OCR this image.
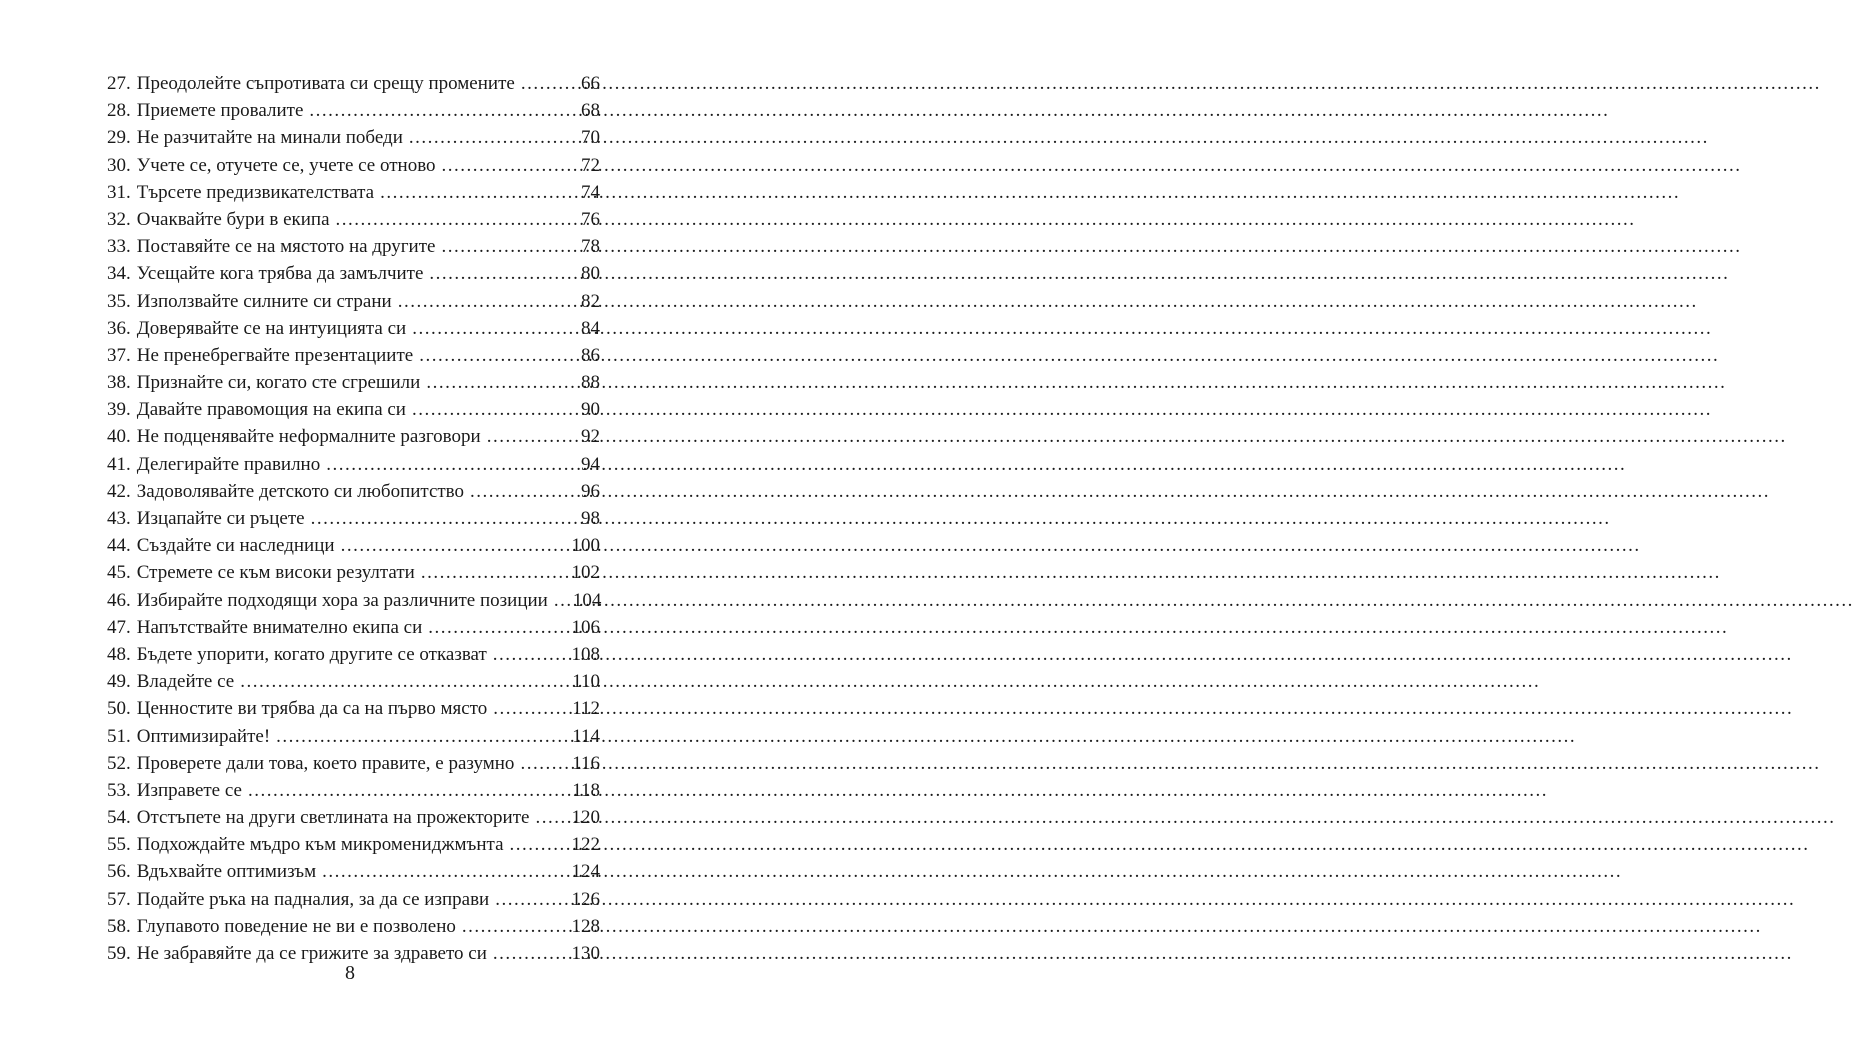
27. Преодолейте съпротивата си срещу промените .....	66
28. Приемете провалите .....	68
29. Не разчитайте на минали победи .....	70
30. Учете се, отучете се, учете се отново .....	72
31. Търсете предизвикателствата .....	74
32. Очаквайте бури в екипа .....	76
33. Поставяйте се на мястото на другите .....	78
34. Усещайте кога трябва да замълчите .....	80
35. Използвайте силните си страни .....	82
36. Доверявайте се на интуицията си .....	84
37. Не пренебрегвайте презентациите .....	86
38. Признайте си, когато сте сгрешили .....	88
39. Давайте правомощия на екипа си .....	90
40. Не подценявайте неформалните разговори .....	92
41. Делегирайте правилно .....	94
42. Задоволявайте детското си любопитство .....	96
43. Изцапайте си ръцете .....	98
44. Създайте си наследници .....	100
45. Стремете се към високи резултати .....	102
46. Избирайте подходящи хора за различните позиции ..... 104
47. Напътствайте внимателно екипа си .....	106
48. Бъдете упорити, когато другите се отказват .....	108
49. Владейте се .....	110
50. Ценностите ви трябва да са на първо място .....	112
51. Оптимизирайте! .....	114
52. Проверете дали това, което правите, е разумно .....	116
53. Изправете се .....	118
54. Отстъпете на други светлината на прожекторите ..... 120
55. Подхождайте мъдро към микромениджмънта .....	122
56. Вдъхвайте оптимизъм .....	124
57. Подайте ръка на падналия, за да се изправи .....	126
58. Глупавото поведение не ви е позволено .....	128
59. Не забравяйте да се грижите за здравето си .....	130
8
